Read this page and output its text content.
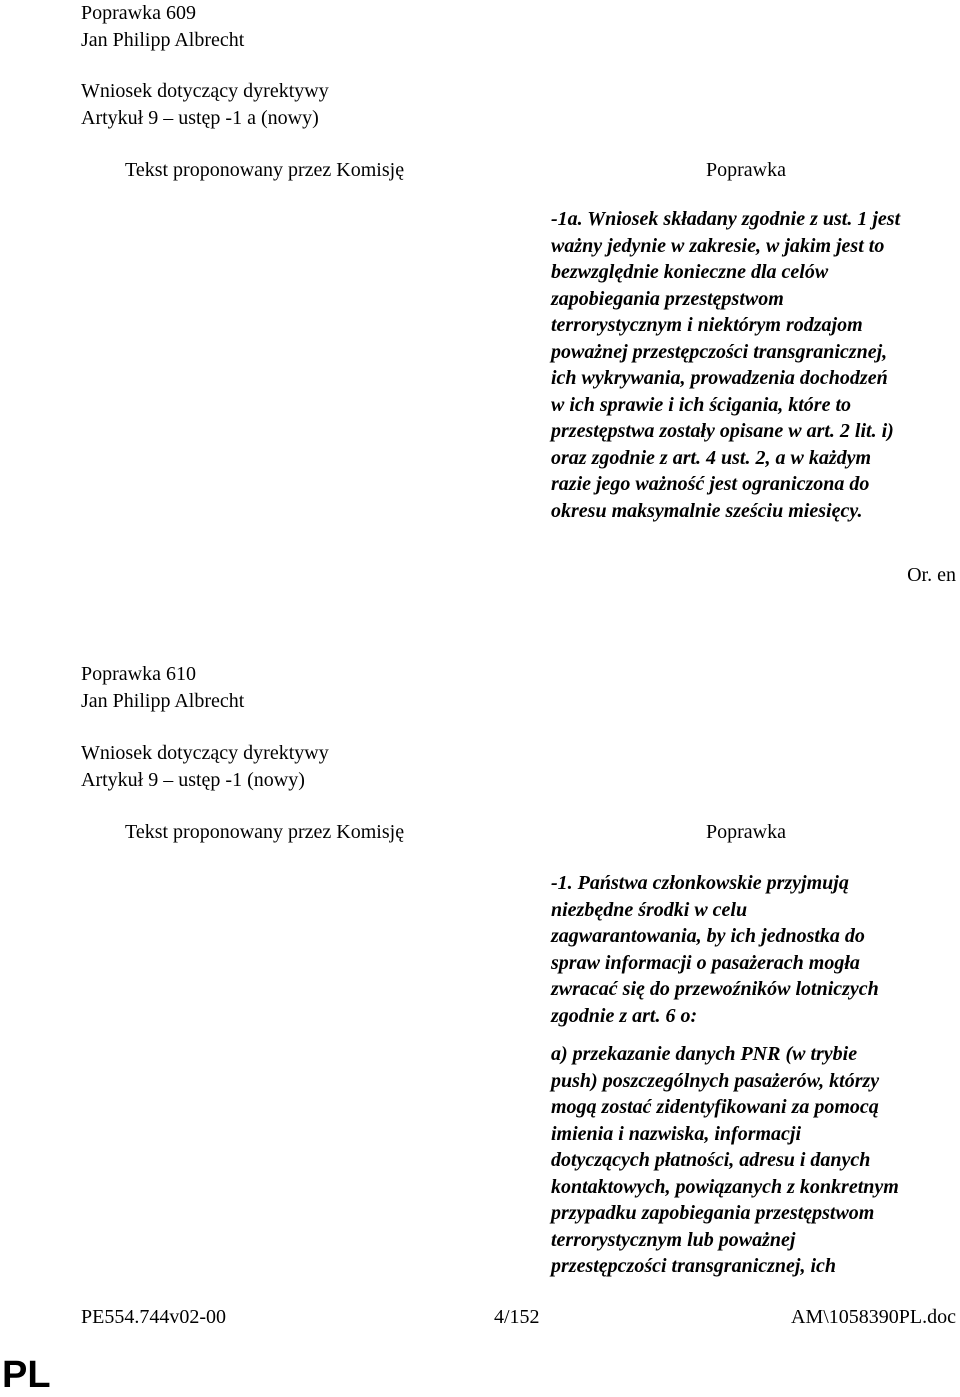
Poprawka 609
Jan Philipp Albrecht
Wniosek dotyczący dyrektywy
Artykuł 9 – ustęp -1 a (nowy)
Tekst proponowany przez Komisję	Poprawka

-1a. Wniosek składany zgodnie z ust. 1 jest

ważny jedynie w zakresie, w jakim jest to

bezwzględnie konieczne dla celów

zapobiegania przestępstwom

terrorystycznym i niektórym rodzajom

poważnej przestępczości transgranicznej,

ich wykrywania, prowadzenia dochodzeń

w ich sprawie i ich ścigania, które to

przestępstwa zostały opisane w art. 2 lit. i)

oraz zgodnie z art. 4 ust. 2, a w każdym

razie jego ważność jest ograniczona do

okresu maksymalnie sześciu miesięcy.

Or. en
Poprawka 610
Jan Philipp Albrecht
Wniosek dotyczący dyrektywy
Artykuł 9 – ustęp -1 (nowy)
Tekst proponowany przez Komisję	Poprawka

-1. Państwa członkowskie przyjmują

niezbędne środki w celu

zagwarantowania, by ich jednostka do

spraw informacji o pasażerach mogła

zwracać się do przewoźników lotniczych

zgodnie z art. 6 o:

a) przekazanie danych PNR (w trybie

push) poszczególnych pasażerów, którzy

mogą zostać zidentyfikowani za pomocą

imienia i nazwiska, informacji

dotyczących płatności, adresu i danych

kontaktowych, powiązanych z konkretnym

przypadku zapobiegania przestępstwom

terrorystycznym lub poważnej

przestępczości transgranicznej, ich

PE554.744v02-00	4/152	AM\1058390PL.doc
PL
